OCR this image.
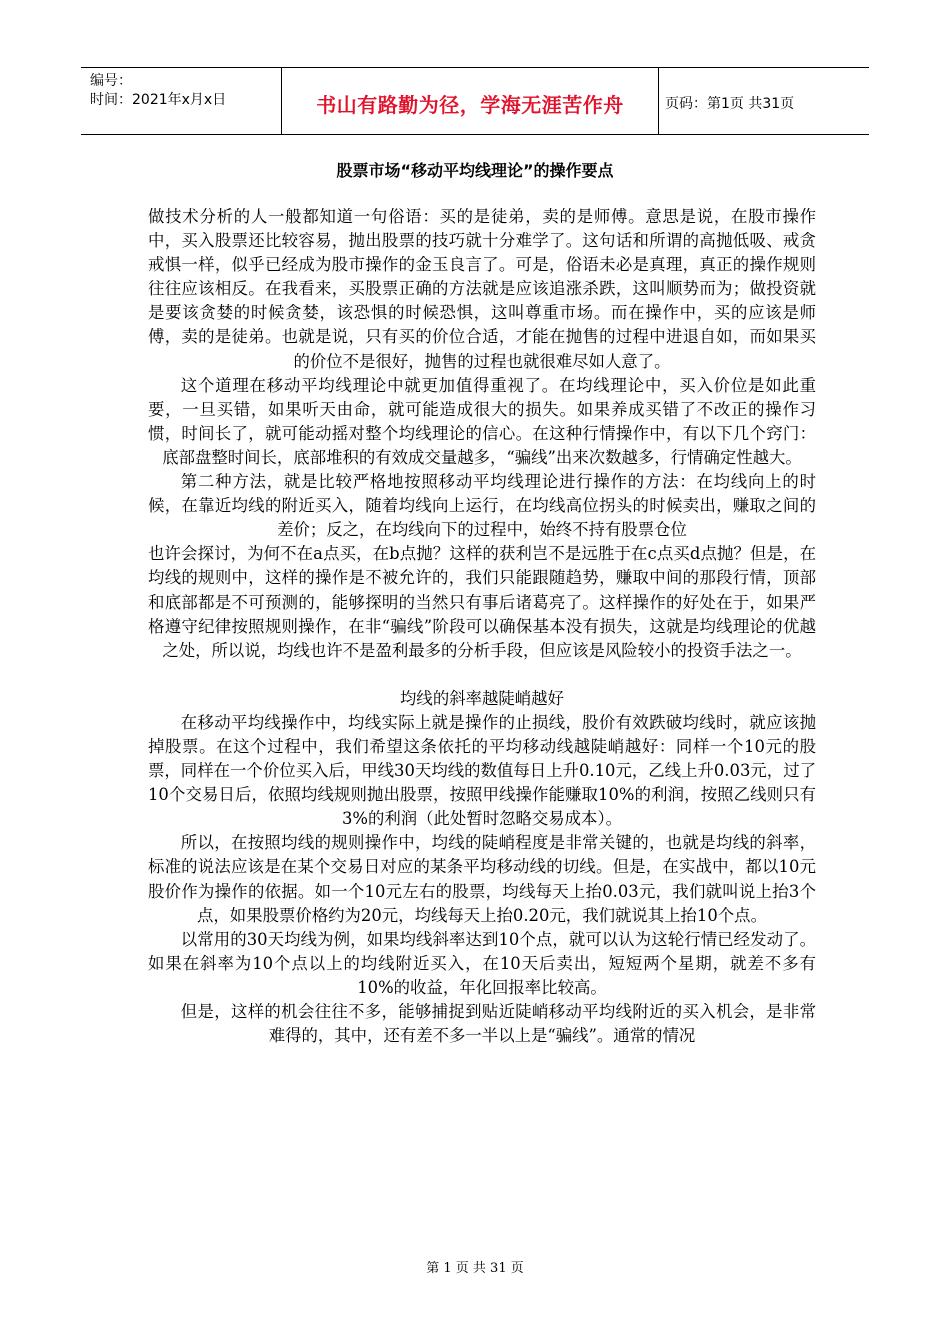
编号：
时间：2021年x月x日	书山有路勤为径，学海无涯苦作舟	页码：第1页 共31页
股票市场“移动平均线理论”的操作要点

做技术分析的人一般都知道一句俗语：买的是徒弟，卖的是师傅。意思是说，在股市操作中，买入股票还比较容易，抛出股票的技巧就十分难学了。这句话和所谓的高抛低吸、戒贪戒惧一样，似乎已经成为股市操作的金玉良言了。可是，俗语未必是真理，真正的操作规则往往应该相反。在我看来，买股票正确的方法就是应该追涨杀跌，这叫顺势而为；做投资就是要该贪婪的时候贪婪，该恐惧的时候恐惧，这叫尊重市场。而在操作中，买的应该是师傅，卖的是徒弟。也就是说，只有买的价位合适，才能在抛售的过程中进退自如，而如果买的价位不是很好，抛售的过程也就很难尽如人意了。

这个道理在移动平均线理论中就更加值得重视了。在均线理论中，买入价位是如此重要，一旦买错，如果听天由命，就可能造成很大的损失。如果养成买错了不改正的操作习惯，时间长了，就可能动摇对整个均线理论的信心。在这种行情操作中，有以下几个窍门：底部盘整时间长，底部堆积的有效成交量越多，“骗线”出来次数越多，行情确定性越大。

第二种方法，就是比较严格地按照移动平均线理论进行操作的方法：在均线向上的时候，在靠近均线的附近买入，随着均线向上运行，在均线高位拐头的时候卖出，赚取之间的差价；反之，在均线向下的过程中，始终不持有股票仓位

也许会探讨，为何不在a点买，在b点抛？这样的获利岂不是远胜于在c点买d点抛？但是，在均线的规则中，这样的操作是不被允许的，我们只能跟随趋势，赚取中间的那段行情，顶部和底部都是不可预测的，能够探明的当然只有事后诸葛亮了。这样操作的好处在于，如果严格遵守纪律按照规则操作，在非“骗线”阶段可以确保基本没有损失，这就是均线理论的优越之处，所以说，均线也许不是盈利最多的分析手段，但应该是风险较小的投资手法之一。

均线的斜率越陡峭越好

在移动平均线操作中，均线实际上就是操作的止损线，股价有效跌破均线时，就应该抛掉股票。在这个过程中，我们希望这条依托的平均移动线越陡峭越好：同样一个10元的股票，同样在一个价位买入后，甲线30天均线的数值每日上升0.10元，乙线上升0.03元，过了10个交易日后，依照均线规则抛出股票，按照甲线操作能赚取10%的利润，按照乙线则只有3%的利润（此处暂时忽略交易成本）。

所以，在按照均线的规则操作中，均线的陡峭程度是非常关键的，也就是均线的斜率，标准的说法应该是在某个交易日对应的某条平均移动线的切线。但是，在实战中，都以10元股价作为操作的依据。如一个10元左右的股票，均线每天上抬0.03元，我们就叫说上抬3个点，如果股票价格约为20元，均线每天上抬0.20元，我们就说其上抬10个点。

以常用的30天均线为例，如果均线斜率达到10个点，就可以认为这轮行情已经发动了。如果在斜率为10个点以上的均线附近买入，在10天后卖出，短短两个星期，就差不多有10%的收益，年化回报率比较高。

但是，这样的机会往往不多，能够捕捉到贴近陡峭移动平均线附近的买入机会，是非常难得的，其中，还有差不多一半以上是“骗线”。通常的情况

第 1 页 共 31 页
